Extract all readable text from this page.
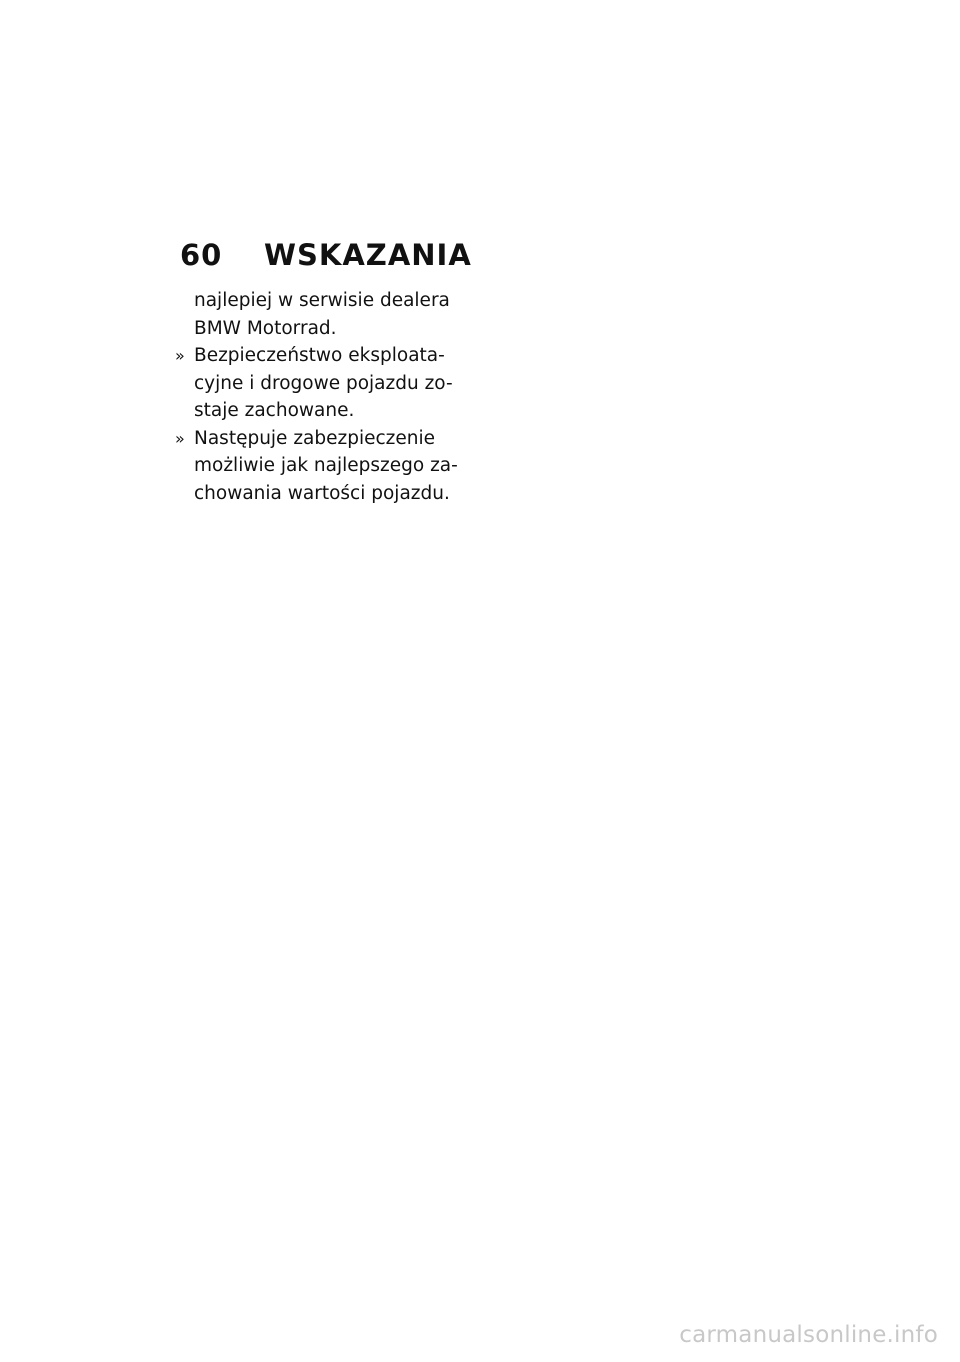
60 WSKAZANIA
najlepiej w serwisie dealera
BMW Motorrad.
» Bezpieczeństwo eksploata-
cyjne i drogowe pojazdu zo-
staje zachowane.
» Następuje zabezpieczenie
możliwie jak najlepszego za-
chowania wartości pojazdu.
carmanualsonline.info
